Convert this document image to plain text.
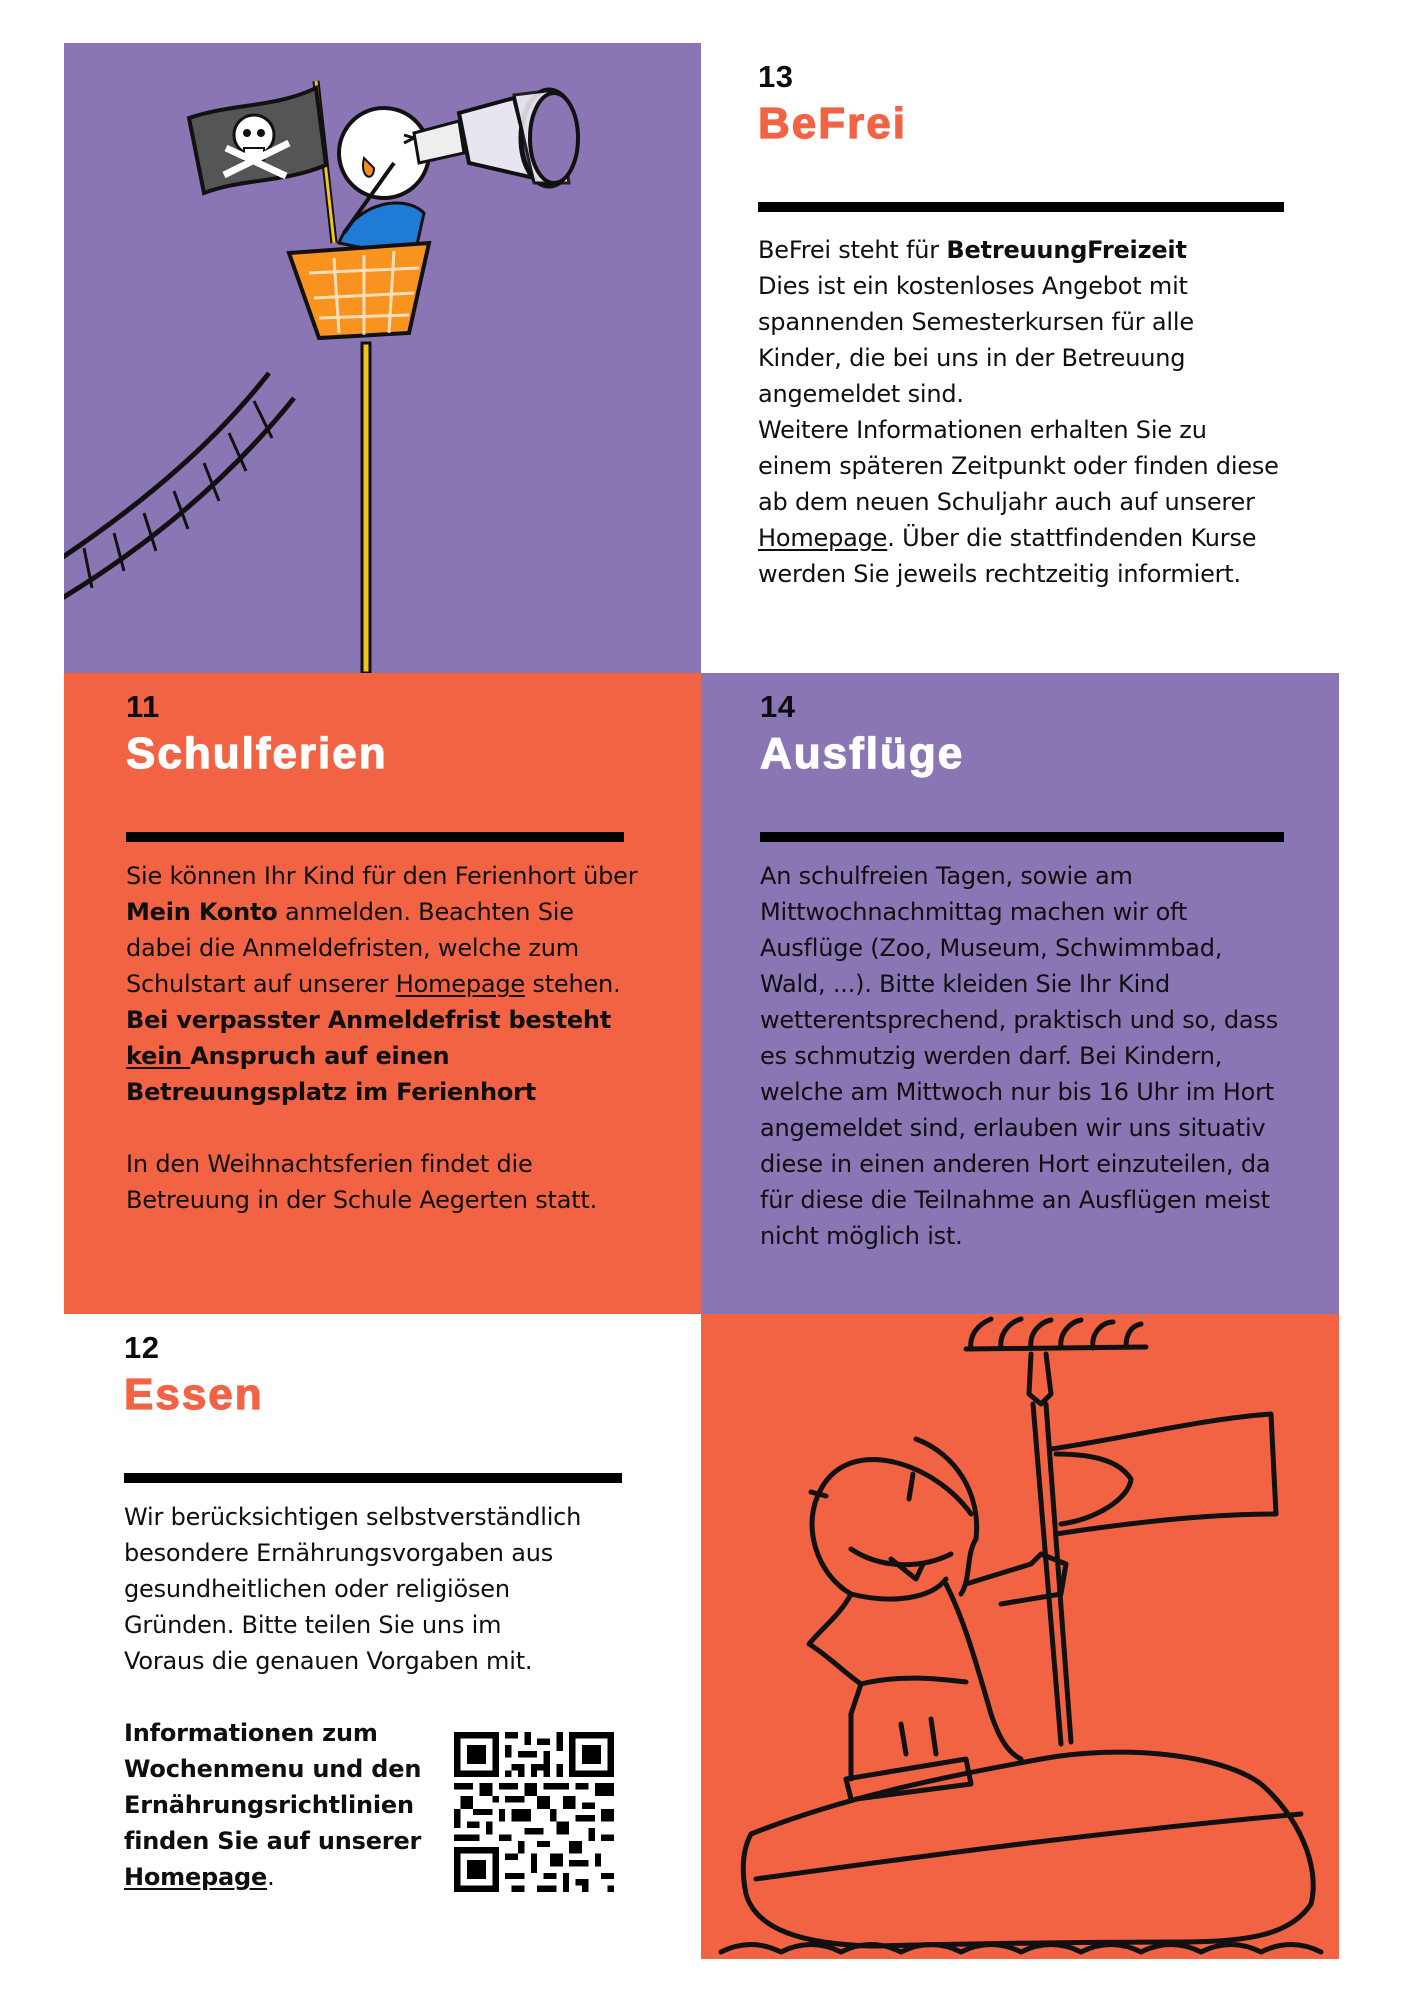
13
BeFrei
BeFrei steht für BetreuungFreizeit
Dies ist ein kostenloses Angebot mit spannenden Semesterkursen für alle Kinder, die bei uns in der Betreuung angemeldet sind.
Weitere Informationen erhalten Sie zu einem späteren Zeitpunkt oder finden diese ab dem neuen Schuljahr auch auf unserer Homepage. Über die stattfindenden Kurse werden Sie jeweils rechtzeitig informiert.
11
Schulferien
Sie können Ihr Kind für den Ferienhort über Mein Konto anmelden. Beachten Sie dabei die Anmeldefristen, welche zum Schulstart auf unserer Homepage stehen. Bei verpasster Anmeldefrist besteht kein Anspruch auf einen Betreuungsplatz im Ferienhort
In den Weihnachtsferien findet die Betreuung in der Schule Aegerten statt.
14
Ausflüge
An schulfreien Tagen, sowie am Mittwochnachmittag machen wir oft Ausflüge (Zoo, Museum, Schwimmbad, Wald, ...). Bitte kleiden Sie Ihr Kind wetterentsprechend, praktisch und so, dass es schmutzig werden darf. Bei Kindern, welche am Mittwoch nur bis 16 Uhr im Hort angemeldet sind, erlauben wir uns situativ diese in einen anderen Hort einzuteilen, da für diese die Teilnahme an Ausflügen meist nicht möglich ist.
12
Essen
Wir berücksichtigen selbstverständlich besondere Ernährungsvorgaben aus gesundheitlichen oder religiösen Gründen. Bitte teilen Sie uns im Voraus die genauen Vorgaben mit.
Informationen zum Wochenmenu und den Ernährungsrichtlinien finden Sie auf unserer Homepage.
